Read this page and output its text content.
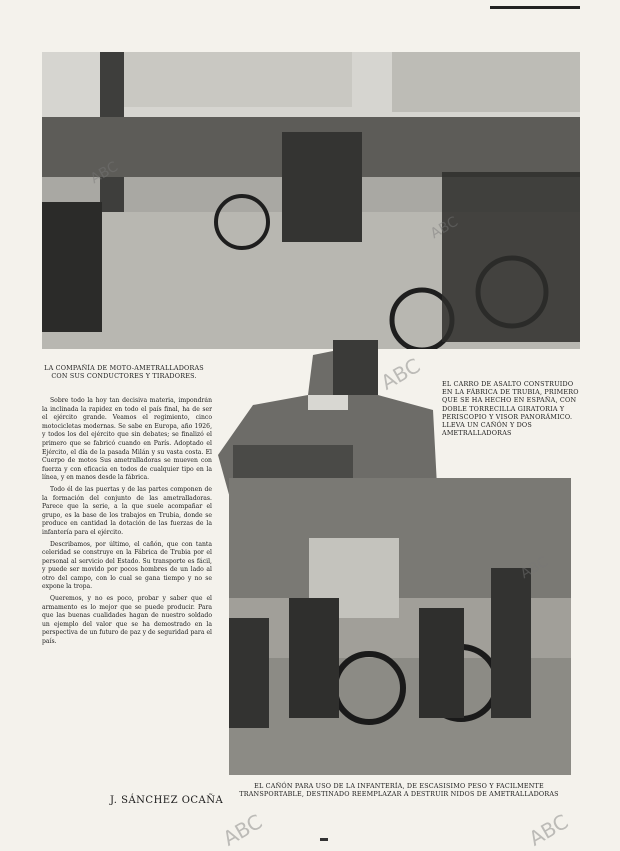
LA COMPAÑÍA DE MOTO-AMETRALLADORAS CON SUS CONDUCTORES Y TIRADORES.
EL CARRO DE ASALTO CONSTRUIDO EN LA FÁBRICA DE TRUBIA, PRIMERO QUE SE HA HECHO EN ESPAÑA, CON DOBLE TORRECILLA GIRATORIA Y PERISCOPIO Y VISOR PANORÁMICO. LLEVA UN CAÑÓN Y DOS AMETRALLADORAS
EL CAÑÓN PARA USO DE LA INFANTERÍA, DE ESCASISIMO PESO Y FACILMENTE TRANSPORTABLE, DESTINADO REEMPLAZAR A DESTRUIR NIDOS DE AMETRALLADORAS

Sobre todo la hoy tan decisiva materia, impondrán la inclinada la rapidez en todo el país final, ha de ser el ejército grande. Veamos el regimiento, cinco motocicletas modernas. Se sabe en Europa, año 1926, y todos los del ejército que sin debates; se finalizó el primero que se fabricó cuando en París. Adoptado el Ejército, el día de la pasada Milán y su vasta costa. El Cuerpo de motos Sus ametralladoras se mueven con fuerza y con eficacia en todos de cualquier tipo en la línea, y en manos desde la fábrica.

Todo él de las puertas y de las partes componen de la formación del conjunto de las ametralladoras. Parece que la serie, a la que suele acompañar el grupo, es la base de los trabajos en Trubia, donde se produce en cantidad la dotación de las fuerzas de la infantería para el ejército.

Describamos, por último, el cañón, que con tanta celeridad se construye en la Fábrica de Trubia por el personal al servicio del Estado. Su transporte es fácil, y puede ser movido por pocos hombres de un lado al otro del campo, con lo cual se gana tiempo y no se expone la tropa.

Queremos, y no es poco, probar y saber que el armamento es lo mejor que se puede producir. Para que las buenas cualidades hagan de nuestro soldado un ejemplo del valor que se ha demostrado en la perspectiva de un futuro de paz y de seguridad para el país.

J. SÁNCHEZ OCAÑA
ABC
ABC	ABC
ABC
ABC
ABC
